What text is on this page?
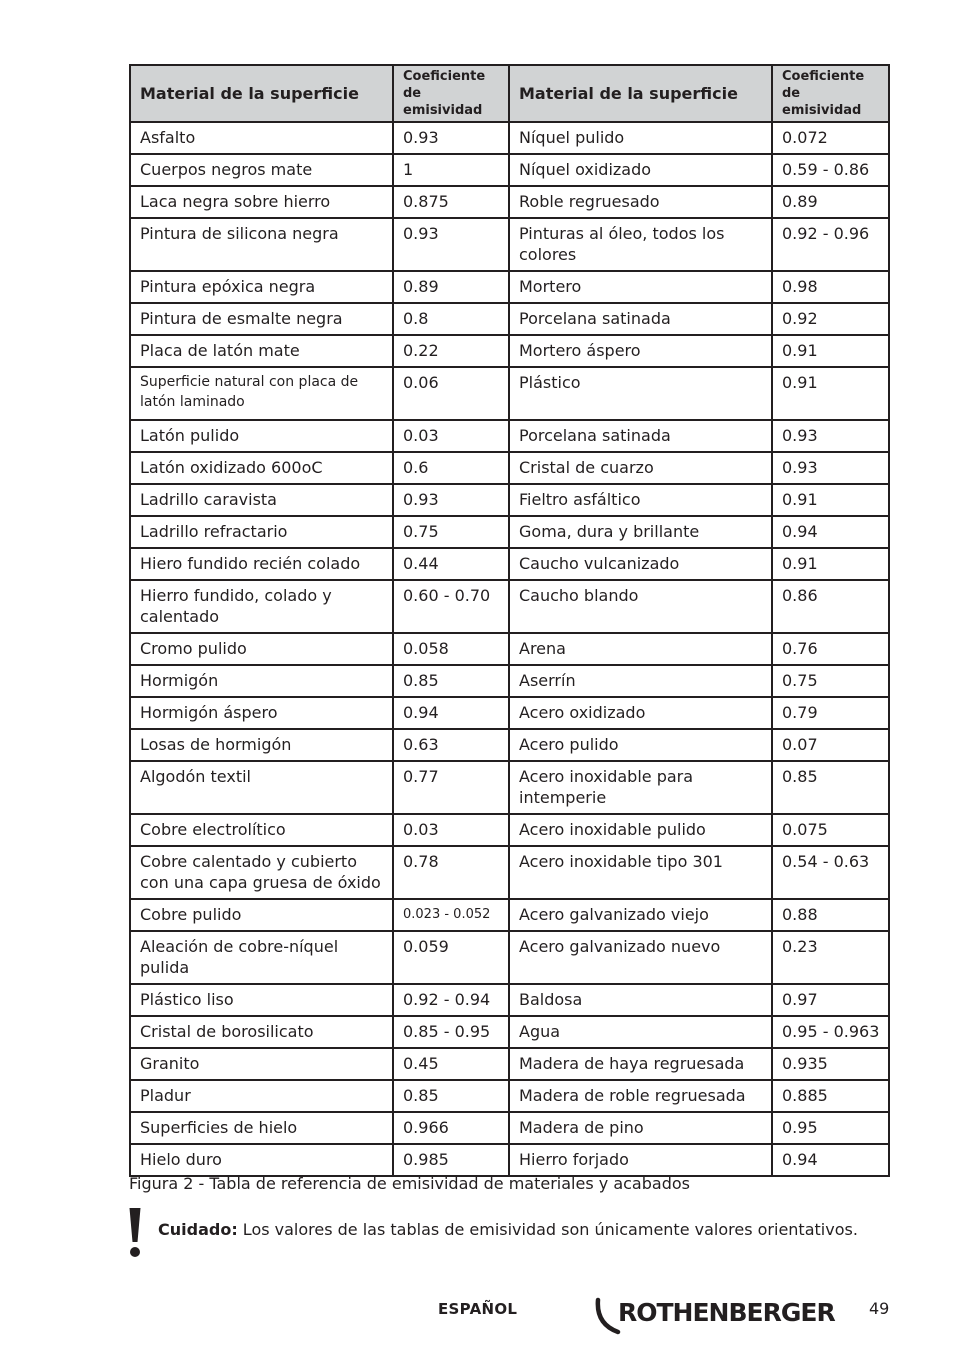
Material de la superficie	Coeficiente de emisividad	Material de la superficie	Coeficiente de emisividad
Asfalto	0.93	Níquel pulido	0.072
Cuerpos negros mate	1	Níquel oxidizado	0.59 - 0.86
Laca negra sobre hierro	0.875	Roble regruesado	0.89
Pintura de silicona negra	0.93	Pinturas al óleo, todos los colores	0.92 - 0.96
Pintura epóxica negra	0.89	Mortero	0.98
Pintura de esmalte negra	0.8	Porcelana satinada	0.92
Placa de latón mate	0.22	Mortero áspero	0.91
Superficie natural con placa de latón laminado	0.06	Plástico	0.91
Latón pulido	0.03	Porcelana satinada	0.93
Latón oxidizado 600oC	0.6	Cristal de cuarzo	0.93
Ladrillo caravista	0.93	Fieltro asfáltico	0.91
Ladrillo refractario	0.75	Goma, dura y brillante	0.94
Hiero fundido recién colado	0.44	Caucho vulcanizado	0.91
Hierro fundido, colado y calentado	0.60 - 0.70	Caucho blando	0.86
Cromo pulido	0.058	Arena	0.76
Hormigón	0.85	Aserrín	0.75
Hormigón áspero	0.94	Acero oxidizado	0.79
Losas de hormigón	0.63	Acero pulido	0.07
Algodón textil	0.77	Acero inoxidable para intemperie	0.85
Cobre electrolítico	0.03	Acero inoxidable pulido	0.075
Cobre calentado y cubierto con una capa gruesa de óxido	0.78	Acero inoxidable tipo 301	0.54 - 0.63
Cobre pulido	0.023 - 0.052	Acero galvanizado viejo	0.88
Aleación de cobre-níquel pulida	0.059	Acero galvanizado nuevo	0.23
Plástico liso	0.92 - 0.94	Baldosa	0.97
Cristal de borosilicato	0.85 - 0.95	Agua	0.95 - 0.963
Granito	0.45	Madera de haya regruesada	0.935
Pladur	0.85	Madera de roble regruesada	0.885
Superficies de hielo	0.966	Madera de pino	0.95
Hielo duro	0.985	Hierro forjado	0.94
Figura 2 - Tabla de referencia de emisividad de materiales y acabados
Cuidado: Los valores de las tablas de emisividad son únicamente valores orientativos.
ESPAÑOL	ROTHENBERGER 49
